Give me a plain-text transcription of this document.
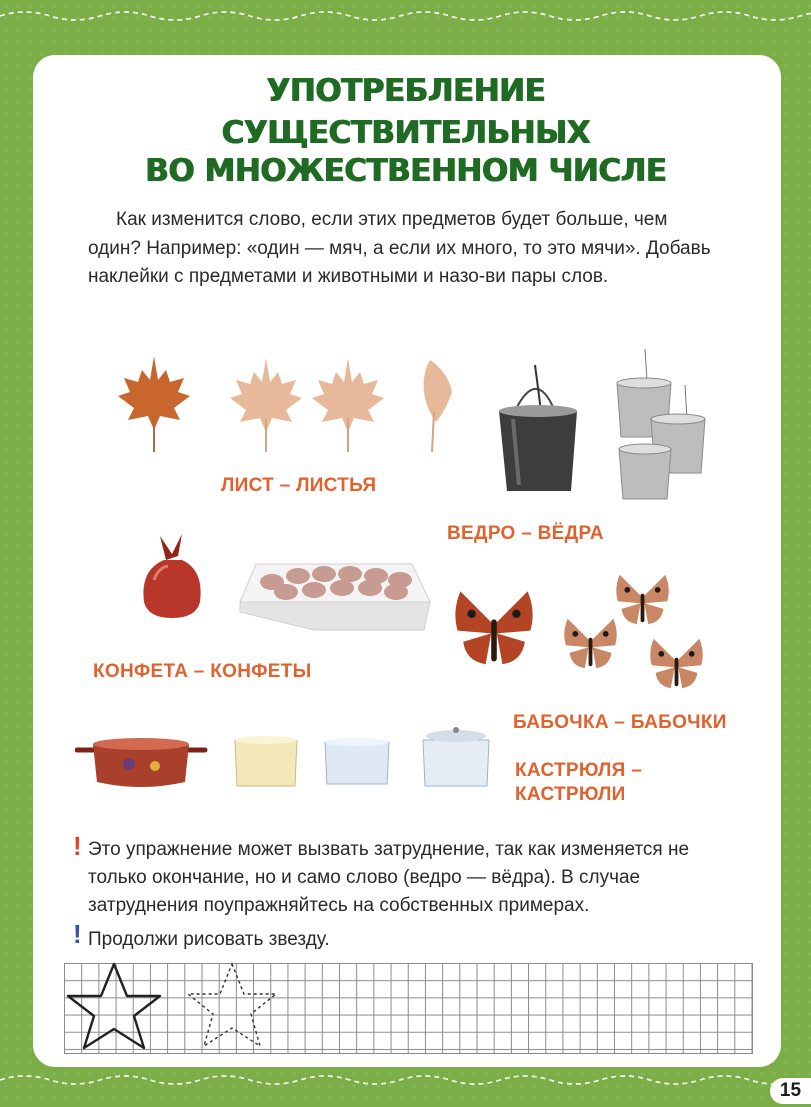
УПОТРЕБЛЕНИЕ
СУЩЕСТВИТЕЛЬНЫХ
ВО МНОЖЕСТВЕННОМ ЧИСЛЕ
Как изменится слово, если этих предметов будет больше, чем один? Например: «один — мяч, а если их много, то это мячи». Добавь наклейки с предметами и животными и назо-ви пары слов.
ЛИСТ – ЛИСТЬЯ
ВЕДРО – ВЁДРА
КОНФЕТА – КОНФЕТЫ
БАБОЧКА – БАБОЧКИ
КАСТРЮЛЯ –
КАСТРЮЛИ
! Это упражнение может вызвать затруднение, так как изменяется не только окончание, но и само слово (ведро — вёдра). В случае затруднения поупражняйтесь на собственных примерах.
! Продолжи рисовать звезду.
15
